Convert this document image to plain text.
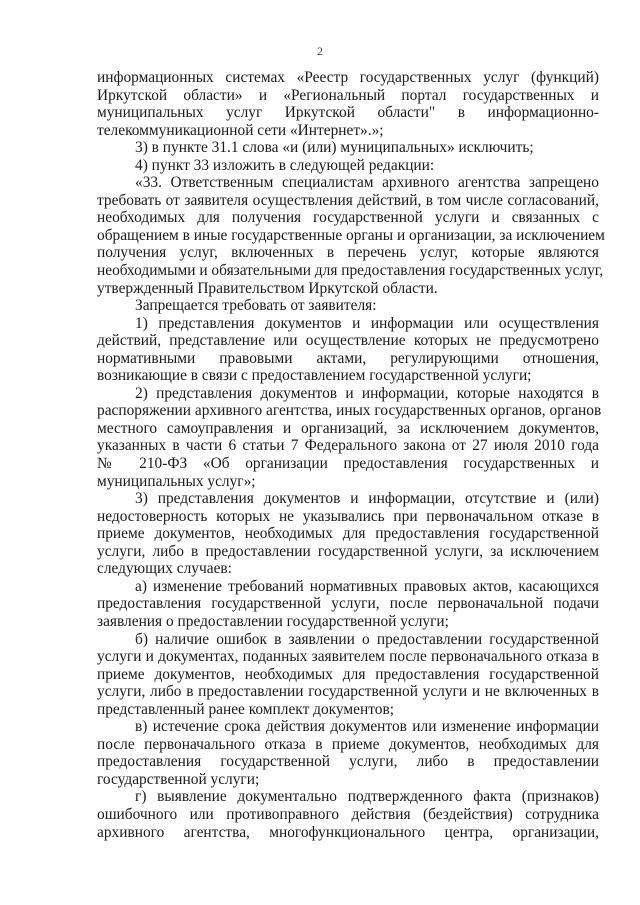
2
информационных системах «Реестр государственных услуг (функций)
Иркутской области» и «Региональный портал государственных и
муниципальных услуг Иркутской области" в информационно-
телекоммуникационной сети «Интернет».»;
3) в пункте 31.1 слова «и (или) муниципальных» исключить;
4) пункт 33 изложить в следующей редакции:
«33. Ответственным специалистам архивного агентства запрещено
требовать от заявителя осуществления действий, в том числе согласований,
необходимых для получения государственной услуги и связанных с
обращением в иные государственные органы и организации, за исключением
получения услуг, включенных в перечень услуг, которые являются
необходимыми и обязательными для предоставления государственных услуг,
утвержденный Правительством Иркутской области.
Запрещается требовать от заявителя:
1) представления документов и информации или осуществления
действий, представление или осуществление которых не предусмотрено
нормативными правовыми актами, регулирующими отношения,
возникающие в связи с предоставлением государственной услуги;
2) представления документов и информации, которые находятся в
распоряжении архивного агентства, иных государственных органов, органов
местного самоуправления и организаций, за исключением документов,
указанных в части 6 статьи 7 Федерального закона от 27 июля 2010 года
№ 210-ФЗ «Об организации предоставления государственных и
муниципальных услуг»;
3) представления документов и информации, отсутствие и (или)
недостоверность которых не указывались при первоначальном отказе в
приеме документов, необходимых для предоставления государственной
услуги, либо в предоставлении государственной услуги, за исключением
следующих случаев:
а) изменение требований нормативных правовых актов, касающихся
предоставления государственной услуги, после первоначальной подачи
заявления о предоставлении государственной услуги;
б) наличие ошибок в заявлении о предоставлении государственной
услуги и документах, поданных заявителем после первоначального отказа в
приеме документов, необходимых для предоставления государственной
услуги, либо в предоставлении государственной услуги и не включенных в
представленный ранее комплект документов;
в) истечение срока действия документов или изменение информации
после первоначального отказа в приеме документов, необходимых для
предоставления государственной услуги, либо в предоставлении
государственной услуги;
г) выявление документально подтвержденного факта (признаков)
ошибочного или противоправного действия (бездействия) сотрудника
архивного агентства, многофункционального центра, организации,
